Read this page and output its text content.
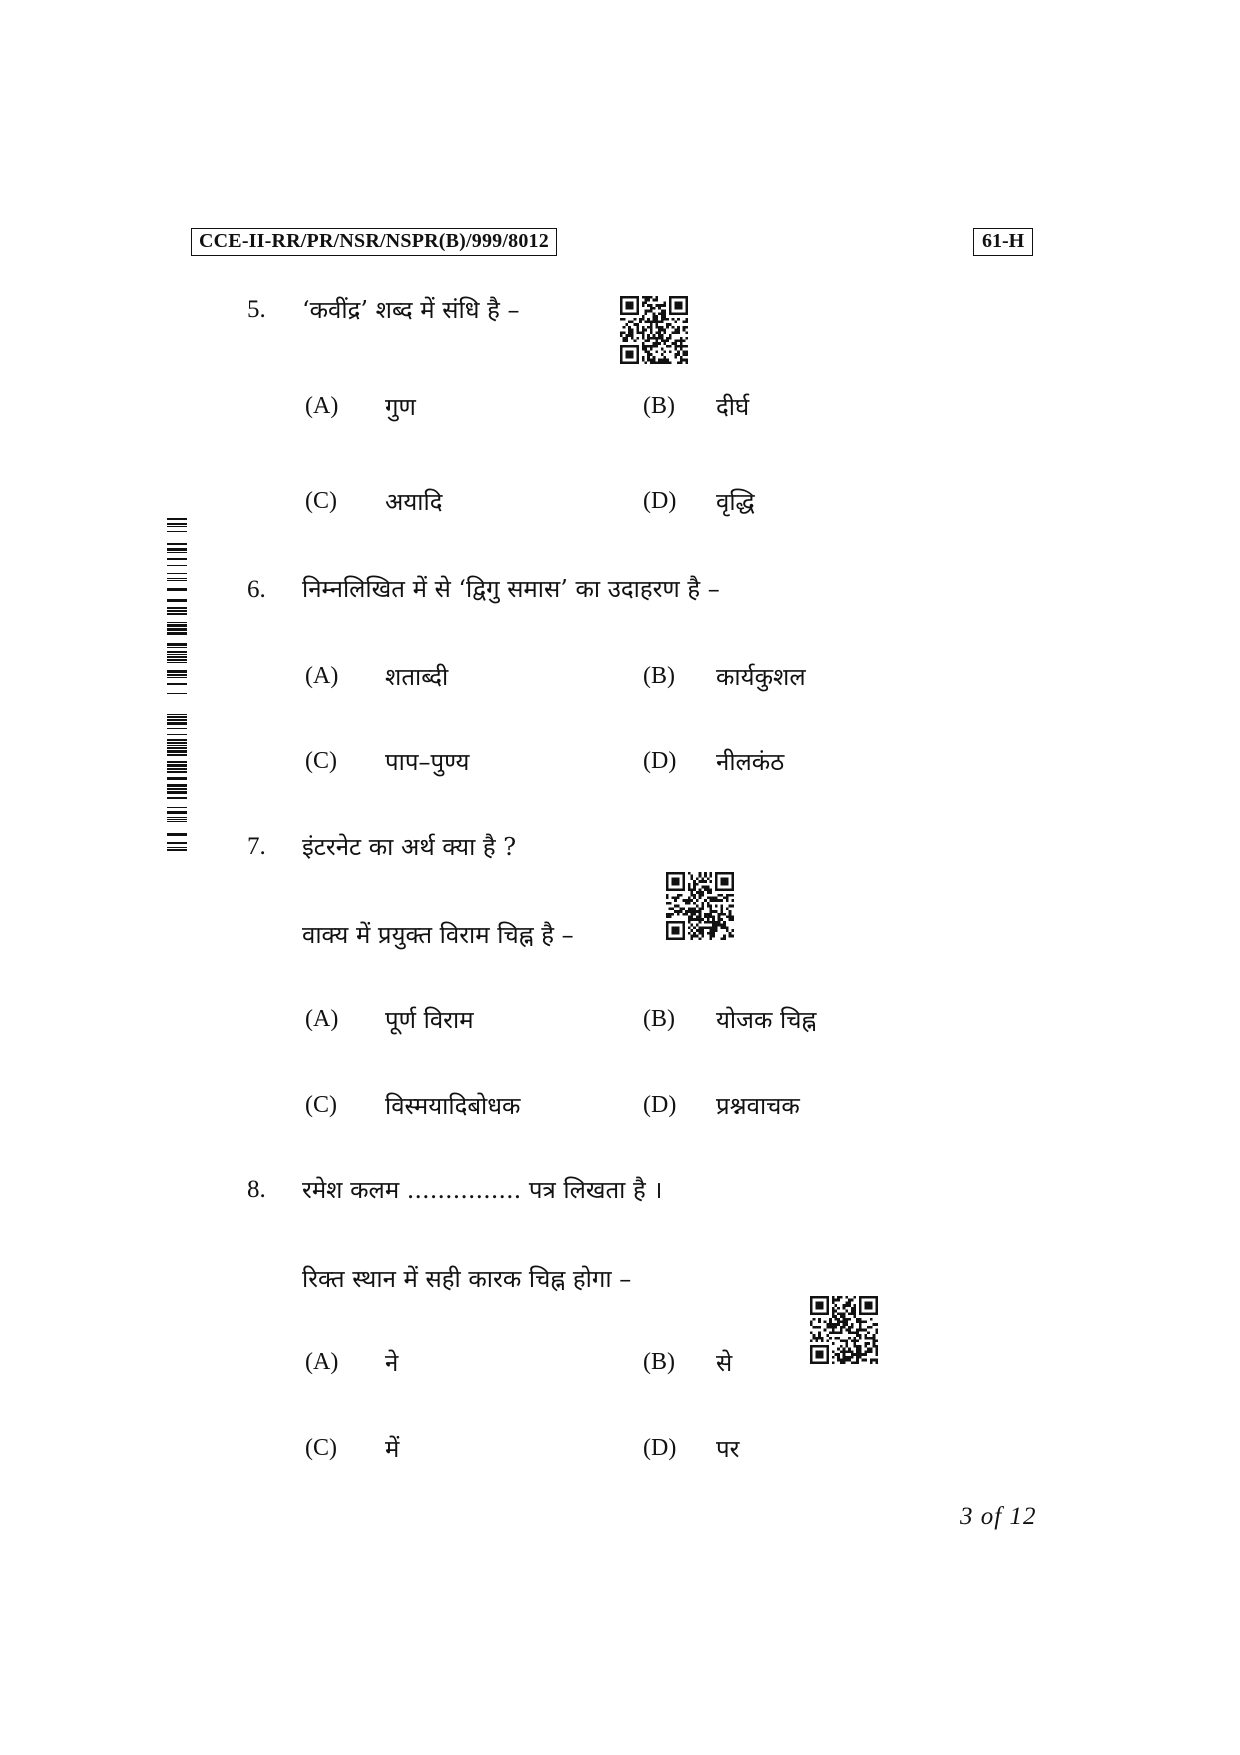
CCE-II-RR/PR/NSR/NSPR(B)/999/8012	61-H
5. ‘कवींद्र’ शब्द में संधि है –
(A) गुण	(B) दीर्घ
(C) अयादि	(D) वृद्धि
6. निम्नलिखित में से ‘द्विगु समास’ का उदाहरण है –
(A) शताब्दी	(B) कार्यकुशल
(C) पाप–पुण्य	(D) नीलकंठ
7. इंटरनेट का अर्थ क्या है ?
वाक्य में प्रयुक्त विराम चिह्न है –
(A) पूर्ण विराम	(B) योजक चिह्न
(C) विस्मयादिबोधक	(D) प्रश्नवाचक
8. रमेश कलम ............... पत्र लिखता है ।
रिक्त स्थान में सही कारक चिह्न होगा –
(A) ने	(B) से
(C) में	(D) पर
3 of 12
